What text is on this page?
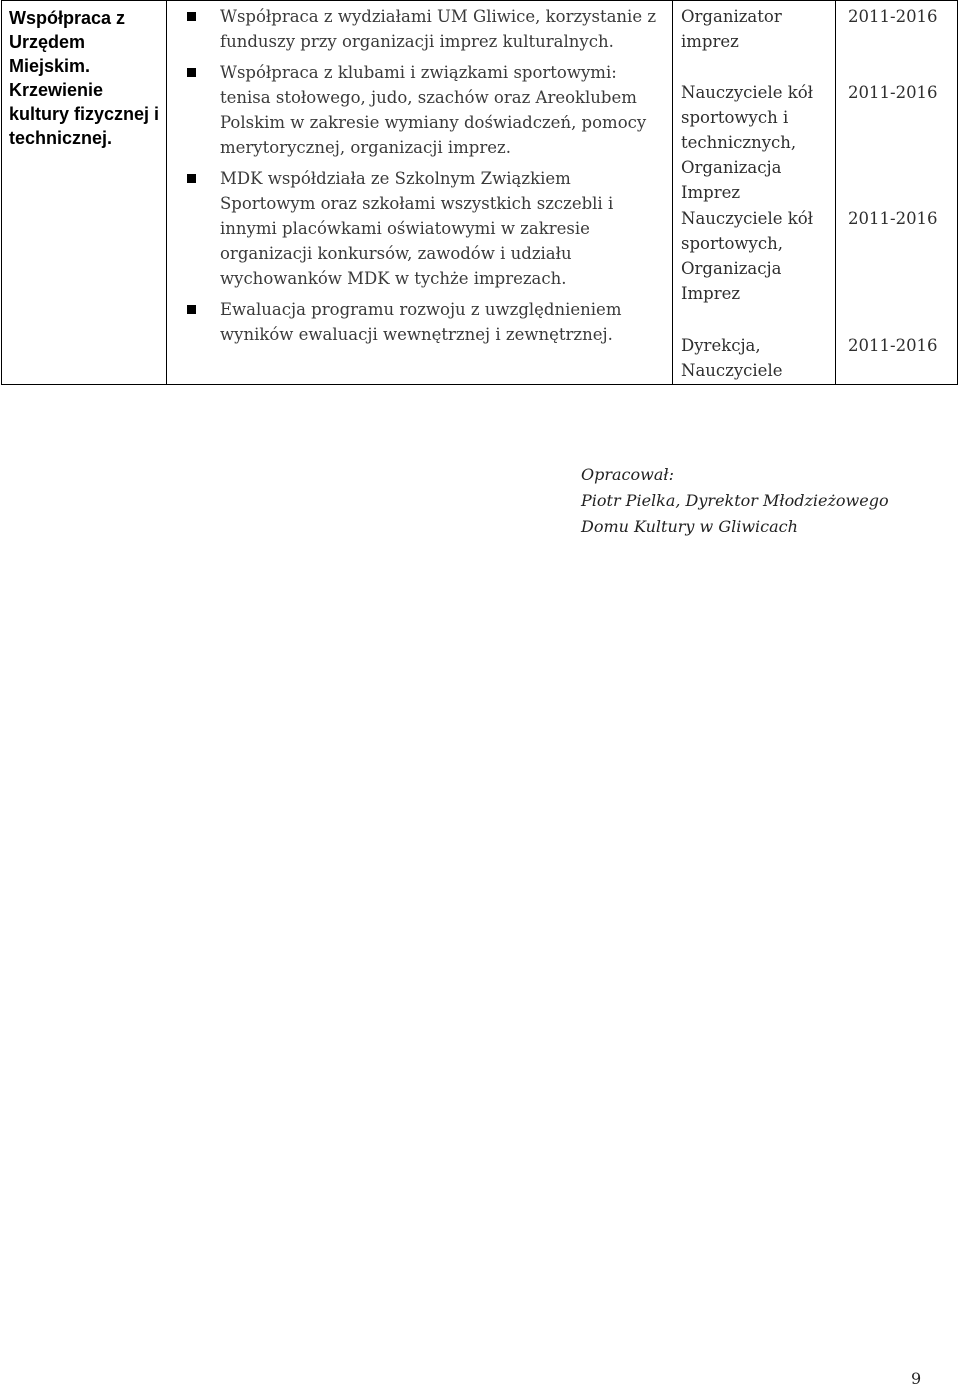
Współpraca z Urzędem Miejskim.
Krzewienie kultury fizycznej i technicznej.
Współpraca z wydziałami UM Gliwice, korzystanie z funduszy przy organizacji imprez kulturalnych.
Współpraca z klubami i związkami sportowymi: tenisa stołowego, judo, szachów oraz Areoklubem Polskim w zakresie wymiany doświadczeń, pomocy merytorycznej, organizacji imprez.
MDK współdziała ze Szkolnym Związkiem Sportowym oraz szkołami wszystkich szczebli i innymi placówkami oświatowymi w zakresie organizacji konkursów, zawodów i udziału wychowanków MDK w tychże imprezach.
Ewaluacja programu rozwoju z uwzględnieniem wyników ewaluacji wewnętrznej i zewnętrznej.
Organizator imprez
Nauczyciele kół sportowych i technicznych, Organizacja Imprez
Nauczyciele kół sportowych, Organizacja Imprez
Dyrekcja, Nauczyciele
2011-2016
2011-2016
2011-2016
2011-2016
Opracował:
Piotr Pielka, Dyrektor Młodzieżowego
Domu Kultury w Gliwicach
9
